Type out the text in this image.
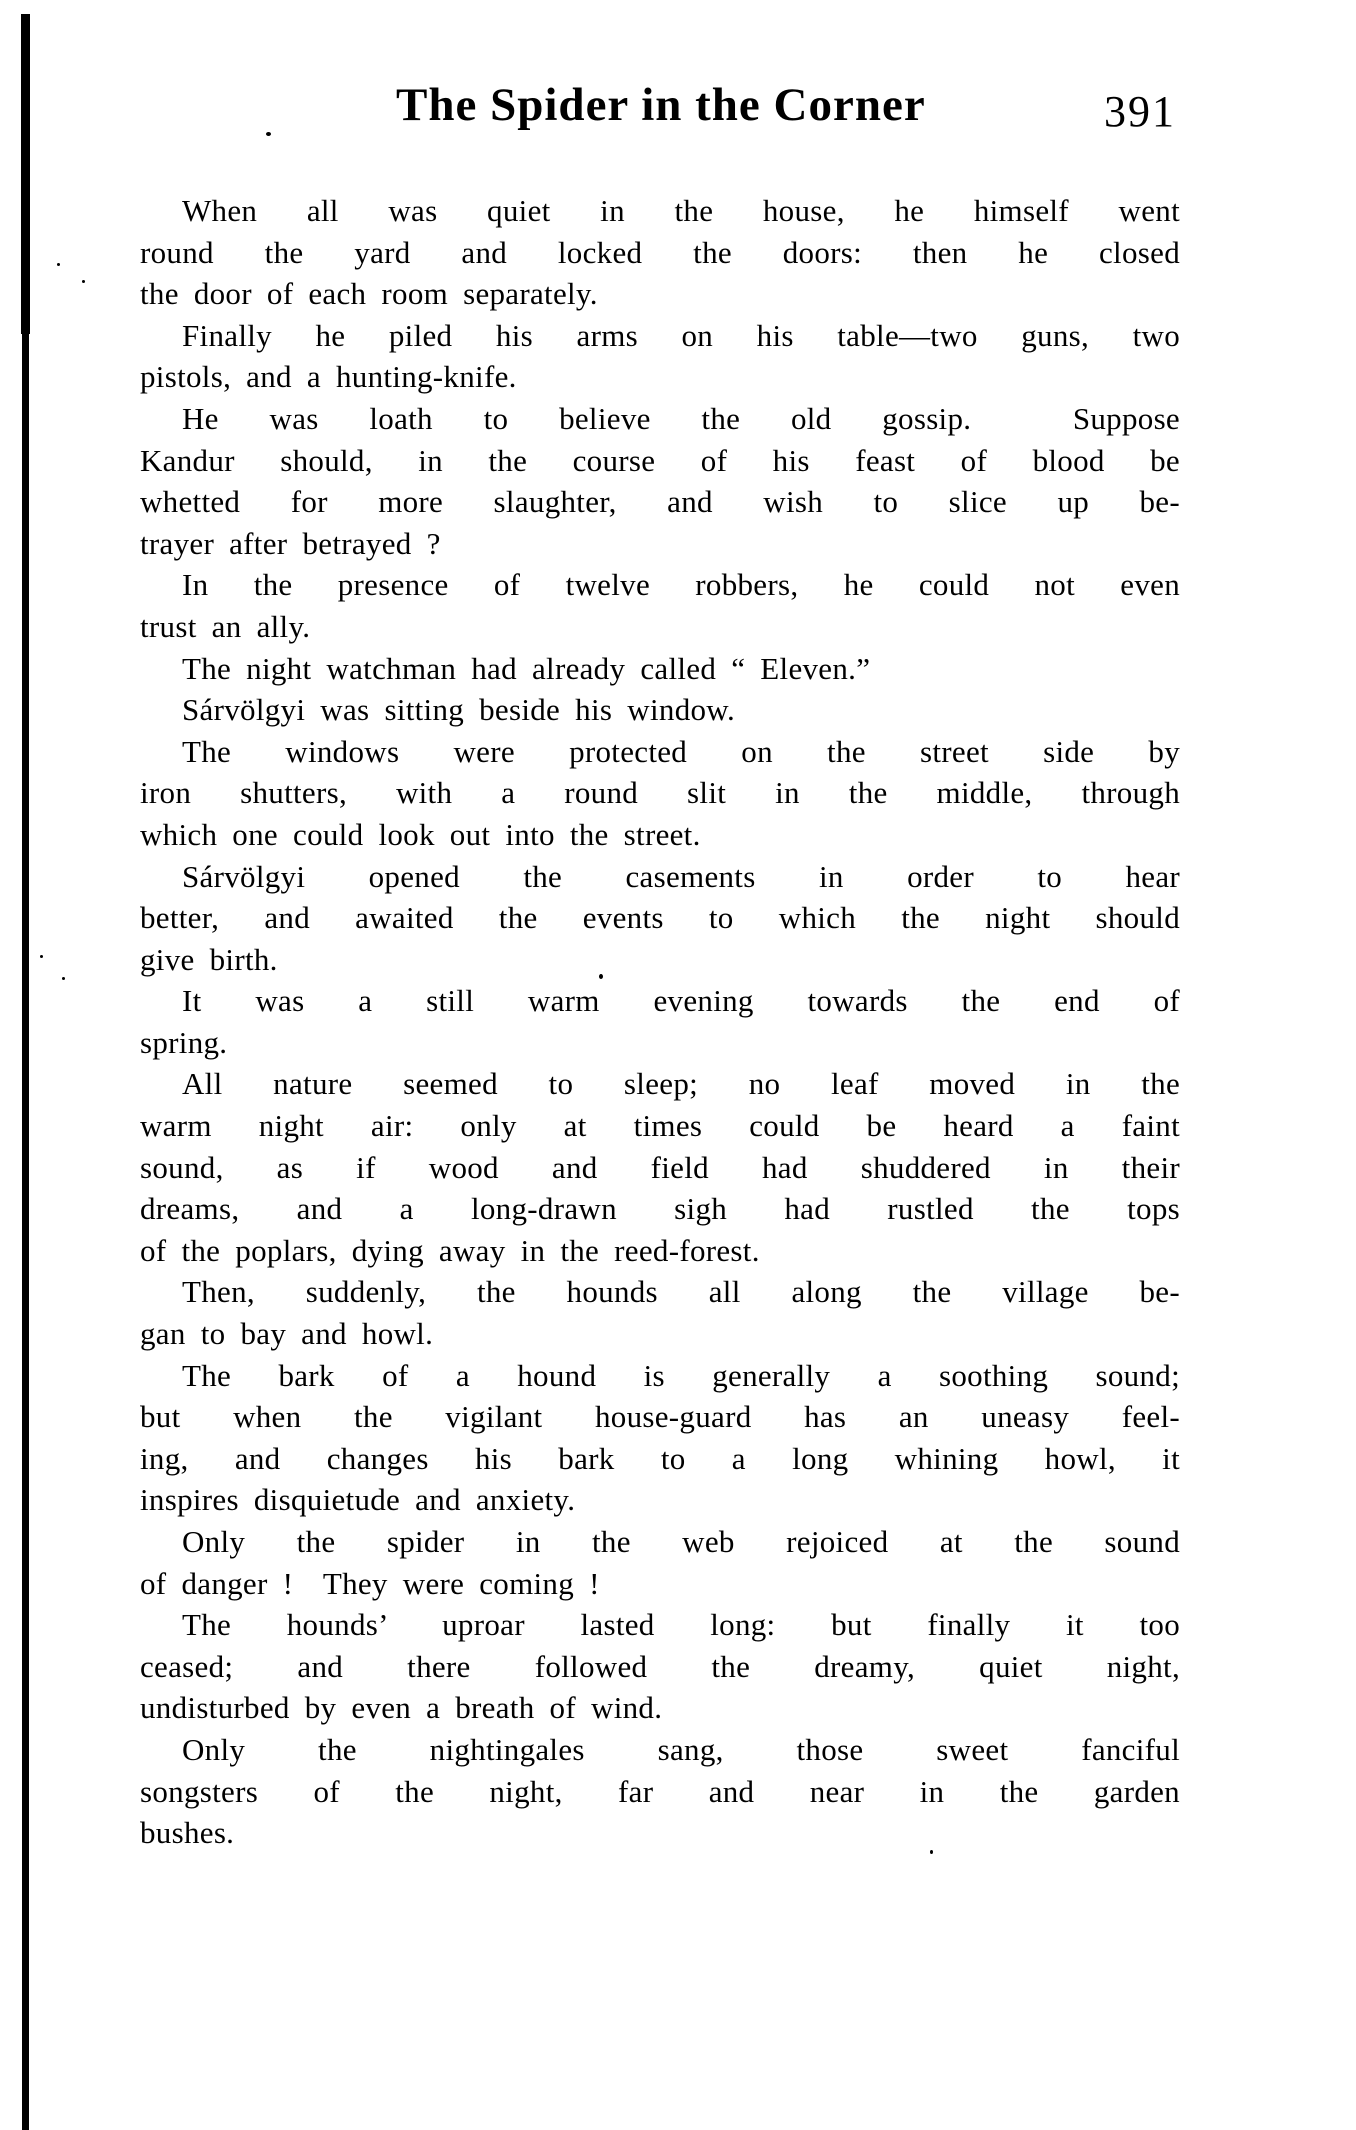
The Spider in the Corner	391
When all was quiet in the house, he himself went
round the yard and locked the doors: then he closed
the door of each room separately.
Finally he piled his arms on his table—two guns, two
pistols, and a hunting-knife.
He was loath to believe the old gossip.  Suppose
Kandur should, in the course of his feast of blood be
whetted for more slaughter, and wish to slice up be-
trayer after betrayed ?
In the presence of twelve robbers, he could not even
trust an ally.
The night watchman had already called “ Eleven.”
Sárvölgyi was sitting beside his window.
The windows were protected on the street side by
iron shutters, with a round slit in the middle, through
which one could look out into the street.
Sárvölgyi opened the casements in order to hear
better, and awaited the events to which the night should
give birth.
It was a still warm evening towards the end of
spring.
All nature seemed to sleep; no leaf moved in the
warm night air: only at times could be heard a faint
sound, as if wood and field had shuddered in their
dreams, and a long-drawn sigh had rustled the tops
of the poplars, dying away in the reed-forest.
Then, suddenly, the hounds all along the village be-
gan to bay and howl.
The bark of a hound is generally a soothing sound;
but when the vigilant house-guard has an uneasy feel-
ing, and changes his bark to a long whining howl, it
inspires disquietude and anxiety.
Only the spider in the web rejoiced at the sound
of danger !  They were coming !
The hounds’ uproar lasted long: but finally it too
ceased; and there followed the dreamy, quiet night,
undisturbed by even a breath of wind.
Only the nightingales sang, those sweet fanciful
songsters of the night, far and near in the garden
bushes.
